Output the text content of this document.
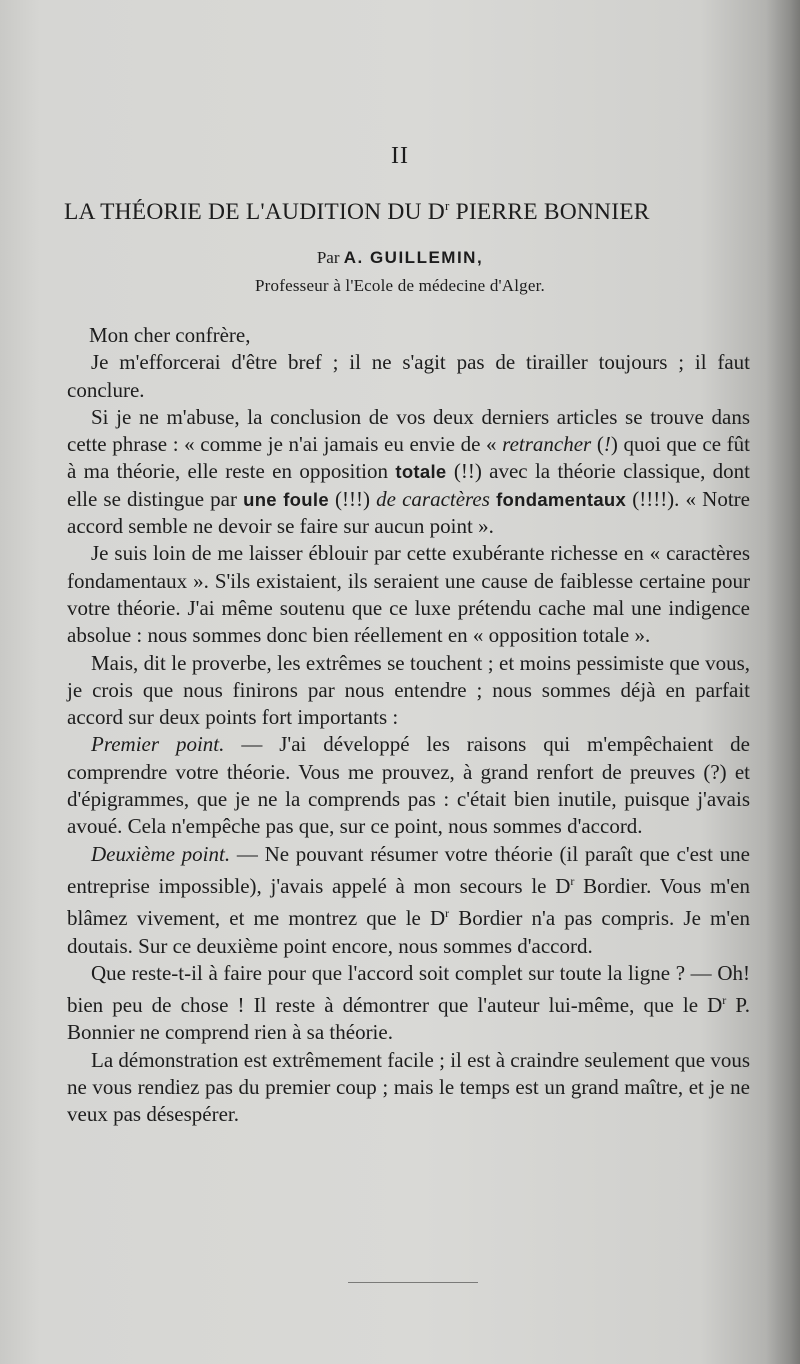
II
LA THÉORIE DE L'AUDITION DU $D^r$ PIERRE BONNIER
Par A. GUILLEMIN,
Professeur à l'Ecole de médecine d'Alger.

Mon cher confrère,

Je m'efforcerai d'être bref ; il ne s'agit pas de tirailler toujours ; il faut conclure.

Si je ne m'abuse, la conclusion de vos deux derniers articles se trouve dans cette phrase : « comme je n'ai jamais eu envie de « retrancher (!) quoi que ce fût à ma théorie, elle reste en opposition totale (!!) avec la théorie classique, dont elle se distingue par une foule (!!!) de caractères fondamentaux (!!!!). « Notre accord semble ne devoir se faire sur aucun point ».

Je suis loin de me laisser éblouir par cette exubérante richesse en « caractères fondamentaux ». S'ils existaient, ils seraient une cause de faiblesse certaine pour votre théorie. J'ai même soutenu que ce luxe prétendu cache mal une indigence absolue : nous sommes donc bien réellement en « opposition totale ».

Mais, dit le proverbe, les extrêmes se touchent ; et moins pessimiste que vous, je crois que nous finirons par nous entendre ; nous sommes déjà en parfait accord sur deux points fort importants :

Premier point. — J'ai développé les raisons qui m'empêchaient de comprendre votre théorie. Vous me prouvez, à grand renfort de preuves (?) et d'épigrammes, que je ne la comprends pas : c'était bien inutile, puisque j'avais avoué. Cela n'empêche pas que, sur ce point, nous sommes d'accord.

Deuxième point. — Ne pouvant résumer votre théorie (il paraît que c'est une entreprise impossible), j'avais appelé à mon secours le $D^r$ Bordier. Vous m'en blâmez vivement, et me montrez que le $D^r$ Bordier n'a pas compris. Je m'en doutais. Sur ce deuxième point encore, nous sommes d'accord.

Que reste-t-il à faire pour que l'accord soit complet sur toute la ligne ? — Oh! bien peu de chose ! Il reste à démontrer que l'auteur lui-même, que le $D^r$ P. Bonnier ne comprend rien à sa théorie.

La démonstration est extrêmement facile ; il est à craindre seulement que vous ne vous rendiez pas du premier coup ; mais le temps est un grand maître, et je ne veux pas désespérer.
